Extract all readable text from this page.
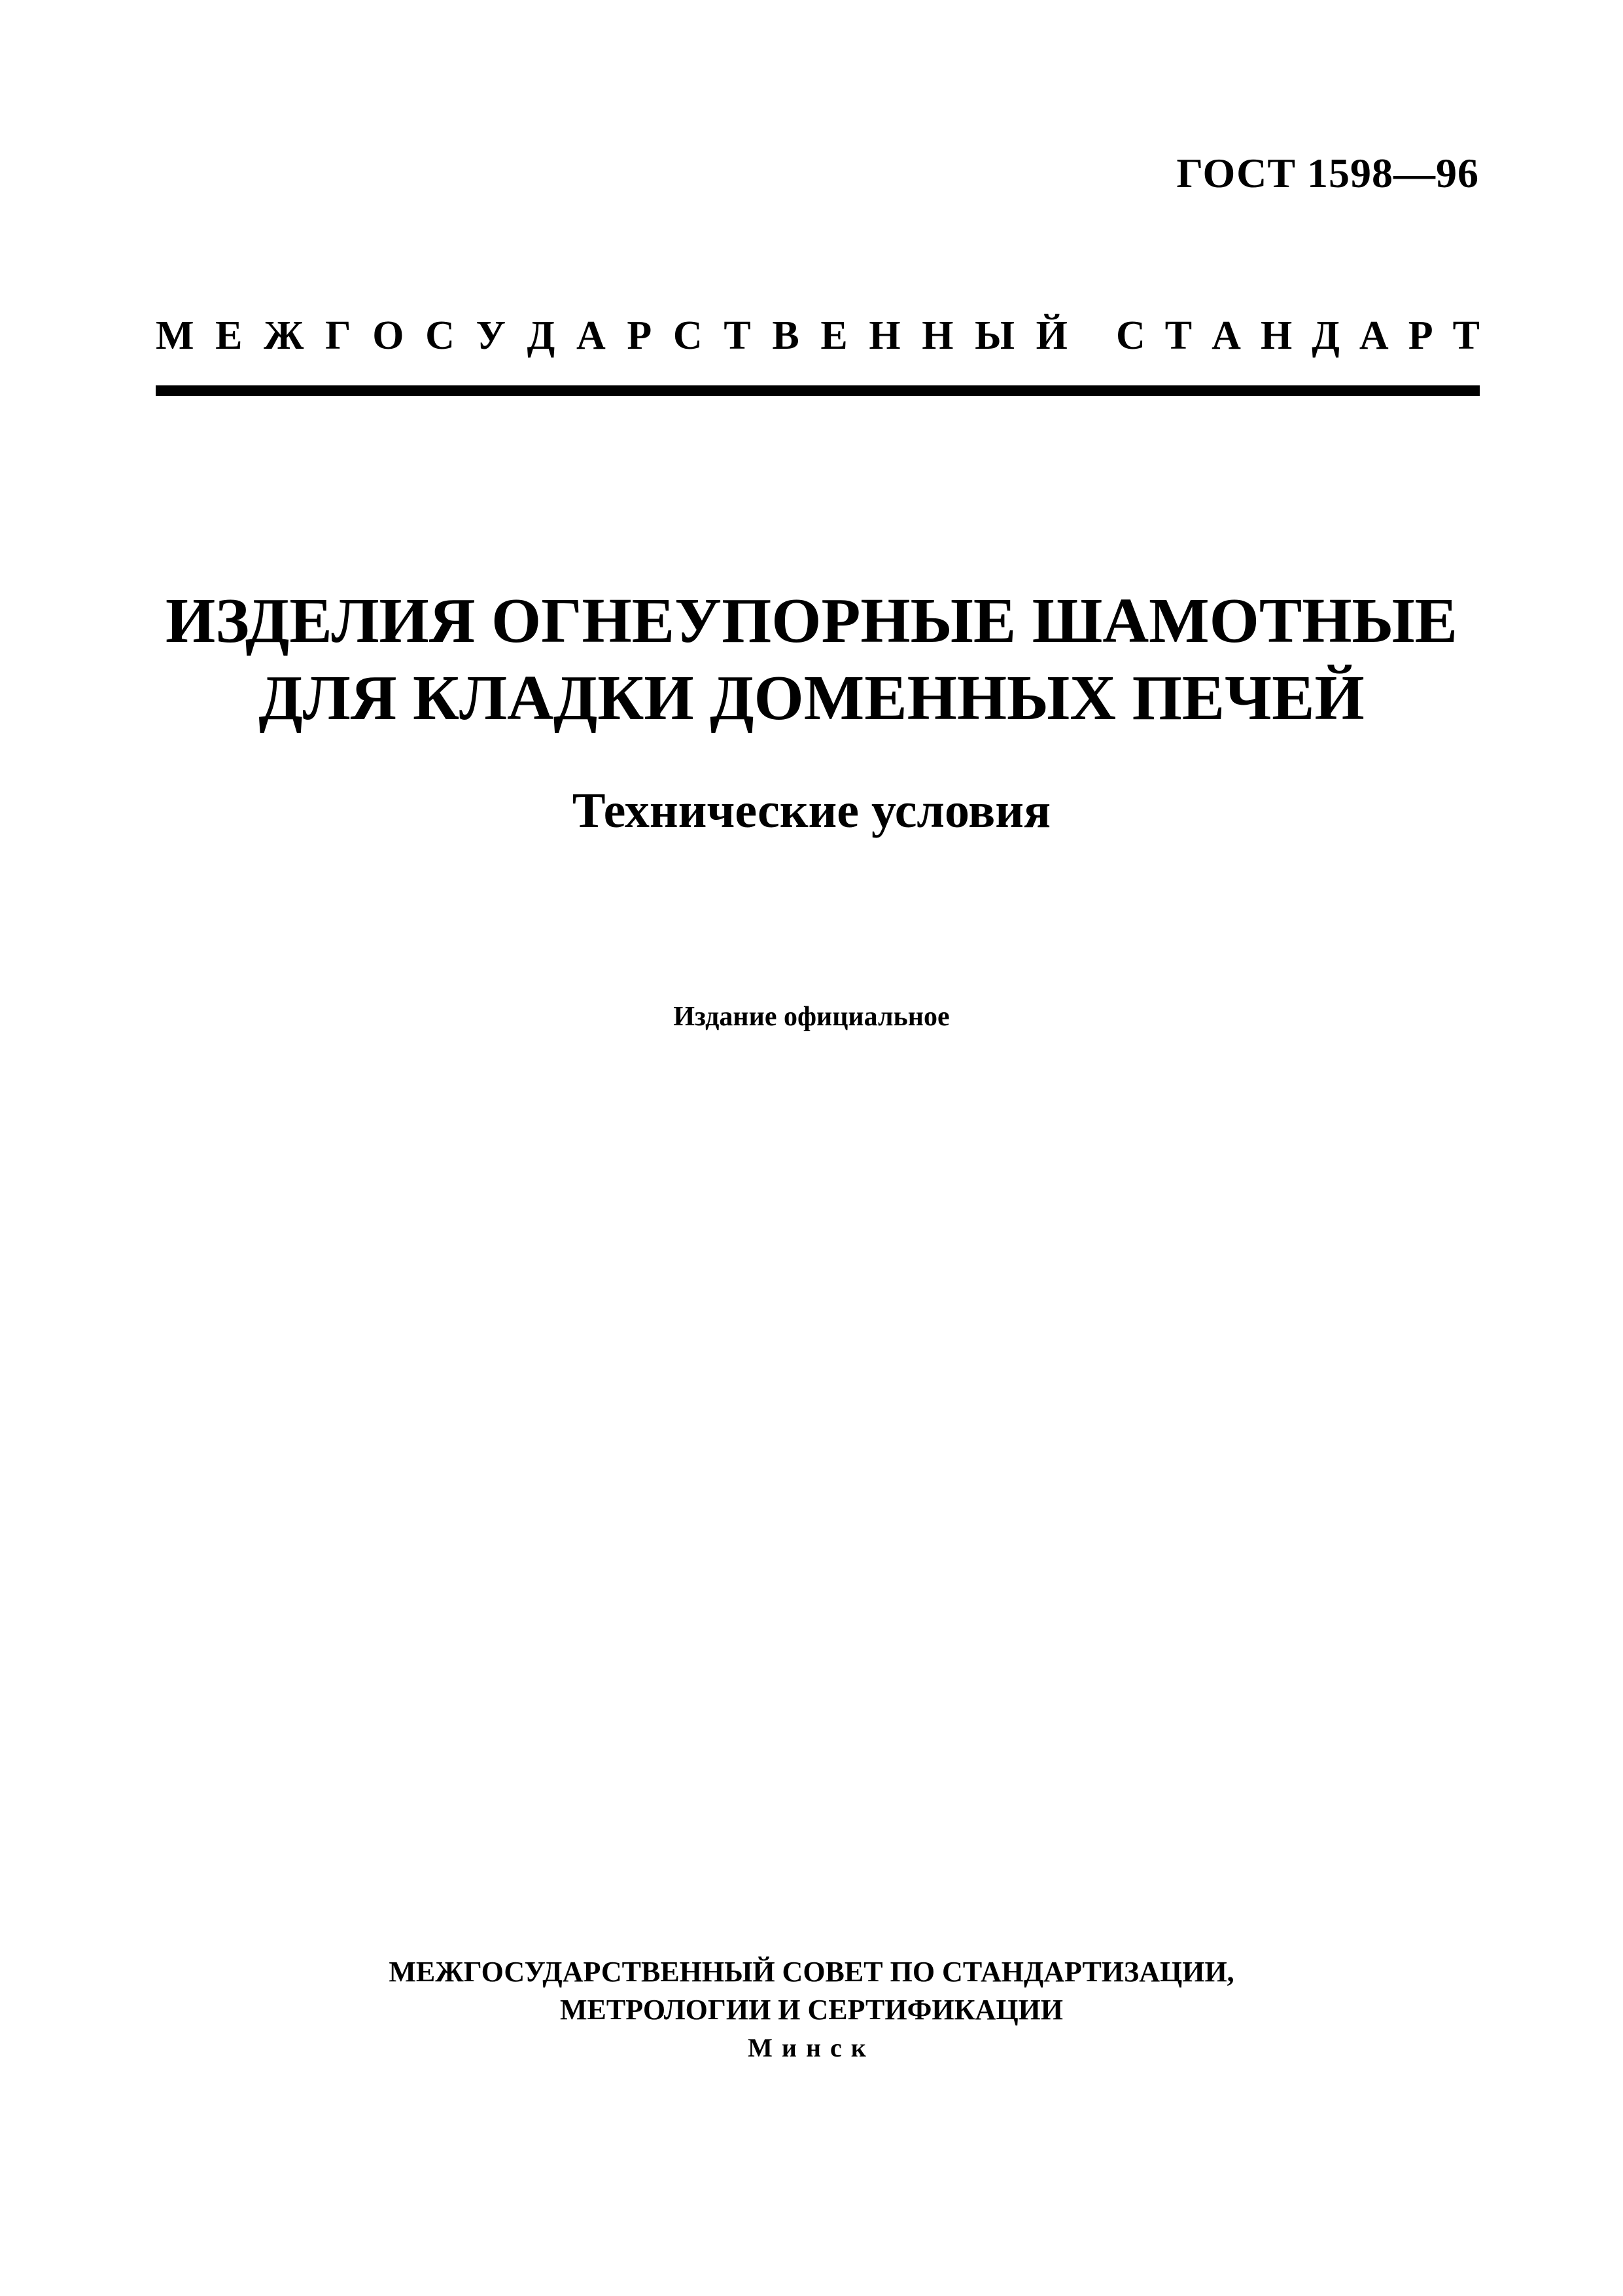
ГОСТ 1598—96
М Е Ж Г О С У Д А Р С Т В Е Н Н Ы Й С Т А Н Д А Р Т
ИЗДЕЛИЯ ОГНЕУПОРНЫЕ ШАМОТНЫЕ
ДЛЯ КЛАДКИ ДОМЕННЫХ ПЕЧЕЙ
Технические условия
Издание официальное
МЕЖГОСУДАРСТВЕННЫЙ СОВЕТ ПО СТАНДАРТИЗАЦИИ,
МЕТРОЛОГИИ И СЕРТИФИКАЦИИ
Минск
